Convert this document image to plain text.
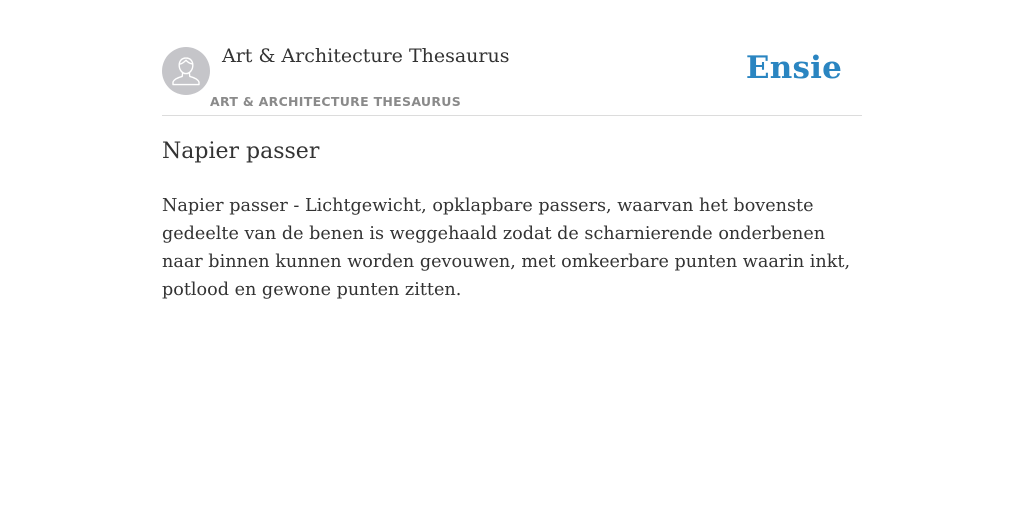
Art & Architecture Thesaurus
ART & ARCHITECTURE THESAURUS
Ensie
Napier passer

Napier passer - Lichtgewicht, opklapbare passers, waarvan het bovenste gedeelte van de benen is weggehaald zodat de scharnierende onderbenen naar binnen kunnen worden gevouwen, met omkeerbare punten waarin inkt, potlood en gewone punten zitten.
